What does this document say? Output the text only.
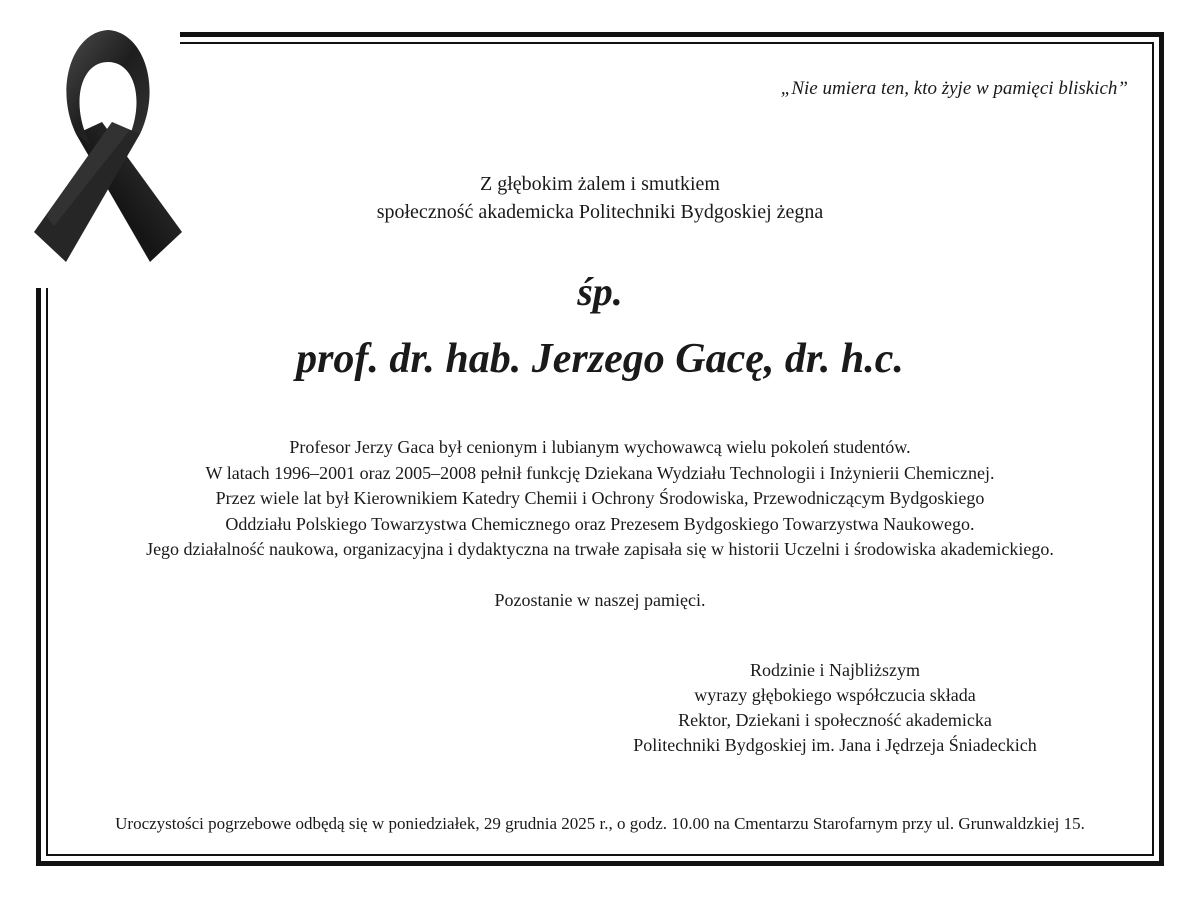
„Nie umiera ten, kto żyje w pamięci bliskich”
Z głębokim żalem i smutkiem
społeczność akademicka Politechniki Bydgoskiej żegna
śp.
prof. dr. hab. Jerzego Gacę, dr. h.c.
Profesor Jerzy Gaca był cenionym i lubianym wychowawcą wielu pokoleń studentów.
W latach 1996–2001 oraz 2005–2008 pełnił funkcję Dziekana Wydziału Technologii i Inżynierii Chemicznej.
Przez wiele lat był Kierownikiem Katedry Chemii i Ochrony Środowiska, Przewodniczącym Bydgoskiego
Oddziału Polskiego Towarzystwa Chemicznego oraz Prezesem Bydgoskiego Towarzystwa Naukowego.
Jego działalność naukowa, organizacyjna i dydaktyczna na trwałe zapisała się w historii Uczelni i środowiska akademickiego.
Pozostanie w naszej pamięci.
Rodzinie i Najbliższym
wyrazy głębokiego współczucia składa
Rektor, Dziekani i społeczność akademicka
Politechniki Bydgoskiej im. Jana i Jędrzeja Śniadeckich
Uroczystości pogrzebowe odbędą się w poniedziałek, 29 grudnia 2025 r., o godz. 10.00 na Cmentarzu Starofarnym przy ul. Grunwaldzkiej 15.
